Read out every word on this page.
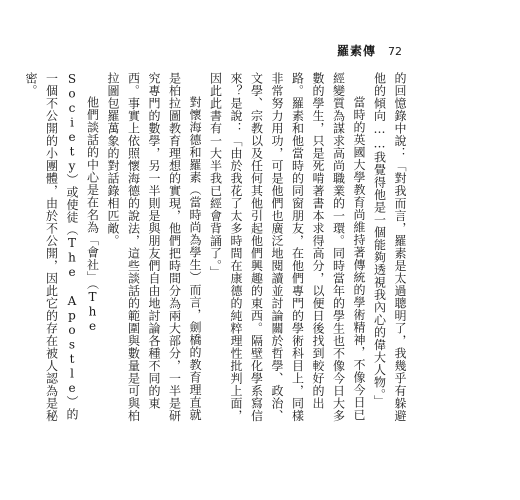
羅素傳 72

的回憶錄中說：「對我而言，羅素是太過聰明了，我幾乎有躲避他的傾向……我覺得他是一個能夠透視我內心的偉大人物。」

當時的英國大學教育尚維持著傳統的學術精神，不像今日已經變質為謀求高尚職業的一環。同時當年的學生也不像今日大多數的學生，只是死啃著書本求得高分，以便日後找到較好的出路。羅素和他當時的同窗朋友，在他們專門的學術科目上，同樣非常努力用功，可是他們也廣泛地閱讀並討論關於哲學、政治、文學、宗教以及任何其他引起他們興趣的東西。隔壁化學系寫信來？是說：「由於我花了太多時間在康德的純粹理性批判上面，因此此書有一大半我已經會背誦了。」

對懷海德和羅素（當時尚為學生）而言，劍橋的教育理直就是柏拉圖教育理想的實現，他們把時間分為兩大部分，一半是研究專門的數學，另一半則是與朋友們自由地討論各種不同的東西。事實上依照懷海德的說法，這些談話的範圍與數量是可與柏拉圖包羅萬象的對話錄相匹敵。

他們談話的中心是在名為「會社」（The Society）或使徒（The Apostle）的一個不公開的小團體，由於不公開，因此它的存在被人認為是秘密。
